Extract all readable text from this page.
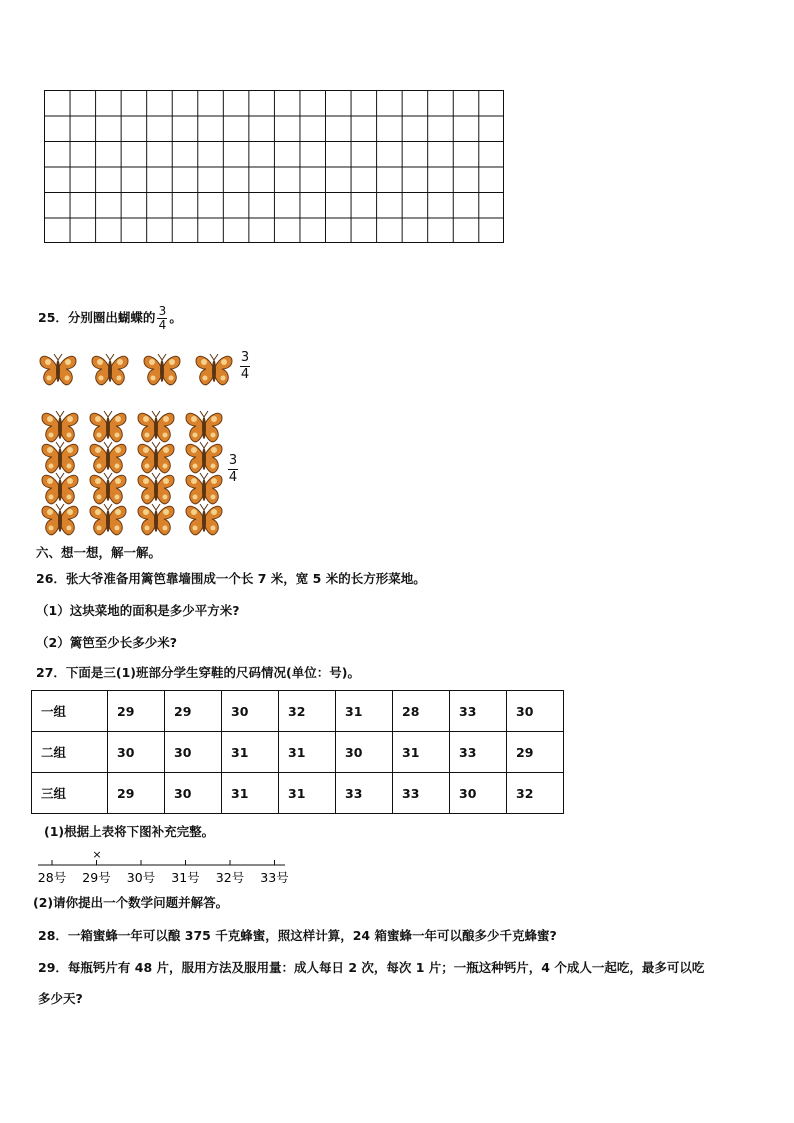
25．分别圈出蝴蝶的 $\frac{3}{4}$ 。
3
4
3
4
六、想一想，解一解。
26．张大爷准备用篱笆靠墙围成一个长 7 米，宽 5 米的长方形菜地。
（1）这块菜地的面积是多少平方米?
（2）篱笆至少长多少米?
27．下面是三(1)班部分学生穿鞋的尺码情况(单位：号)。
一组	29	29	30	32	31	28	33	30
二组	30	30	31	31	30	31	33	29
三组	29	30	31	31	33	33	30	32
(1)根据上表将下图补充完整。
28号 29号 30号 31号 32号 33号
×
(2)请你提出一个数学问题并解答。
28．一箱蜜蜂一年可以酿 375 千克蜂蜜，照这样计算，24 箱蜜蜂一年可以酿多少千克蜂蜜?
29．每瓶钙片有 48 片，服用方法及服用量：成人每日 2 次，每次 1 片；一瓶这种钙片，4 个成人一起吃，最多可以吃
多少天?
